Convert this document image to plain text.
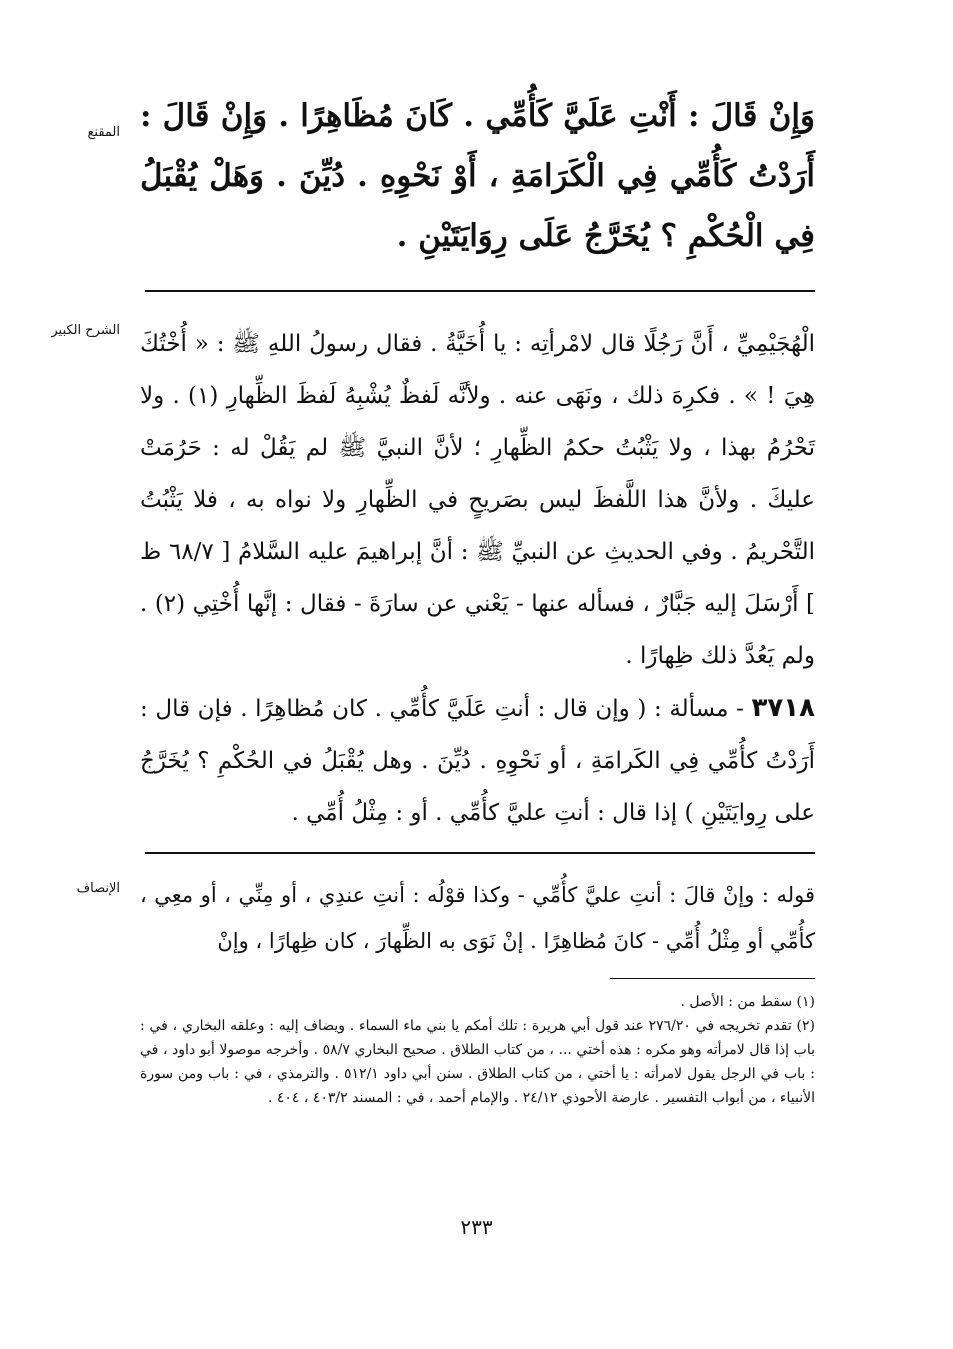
المقنع وَإِنْ قَالَ : أَنْتِ عَلَيَّ كَأُمِّي . كَانَ مُظَاهِرًا . وَإِنْ قَالَ : أَرَدْتُ كَأُمِّي فِي الْكَرَامَةِ ، أَوْ نَحْوِهِ . دُيِّنَ . وَهَلْ يُقْبَلُ فِي الْحُكْمِ ؟ يُخَرَّجُ عَلَى رِوَايَتَيْنِ .
الشرح الكبير
الْهُجَيْمِيِّ ، أَنَّ رَجُلًا قال لامْرأتِه : يا أُخَيَّةُ . فقال رسولُ اللهِ ﷺ : « أُخْتُكَ هِيَ ! » . فكرِهَ ذلك ، ونَهَى عنه . ولأنَّه لَفظٌ يُشْبِهُ لَفظَ الظِّهارِ (١) . ولا تَحْرُمُ بهذا ، ولا يَثْبُتُ حكمُ الظِّهارِ ؛ لأنَّ النبيَّ ﷺ لم يَقُلْ له : حَرُمَتْ عليكَ . ولأنَّ هذا اللَّفظَ ليس بصَريحٍ في الظِّهارِ ولا نواه به ، فلا يَثْبُتُ التَّحْريمُ . وفي الحديثِ عن النبيِّ ﷺ : أنَّ إبراهيمَ عليه السَّلامُ [ ٦٨/٧ ظ ] أَرْسَلَ إليه جَبَّارٌ ، فسأله عنها - يَعْني عن سارَةَ - فقال : إنَّها أُخْتِي (٢) . ولم يَعُدَّ ذلك ظِهارًا .
٣٧١٨ - مسألة : ( وإن قال : أنتِ عَلَيَّ كأُمِّي . كان مُظاهِرًا . فإن قال : أَرَدْتُ كأُمِّي فِي الكَرامَةِ ، أو نَحْوِهِ . دُيِّنَ . وهل يُقْبَلُ في الحُكْمِ ؟ يُخَرَّجُ على رِوايَتَيْنِ ) إذا قال : أنتِ عليَّ كأُمِّي . أو : مِثْلُ أُمِّي .
الإنصاف قوله : وإنْ قالَ : أنتِ عليَّ كأُمِّي - وكذا قوْلُه : أنتِ عندِي ، أو مِنِّي ، أو معِي ، كأُمِّي أو مِثْلُ أُمِّي - كانَ مُظاهِرًا . إنْ نَوَى به الظِّهارَ ، كان ظِهارًا ، وإنْ

(١) سقط من : الأصل .

(٢) تقدم تخريجه في ٢٧٦/٢٠ عند قول أبي هريرة : تلك أمكم يا بني ماء السماء . ويضاف إليه : وعلقه البخاري ، في : باب إذا قال لامرأته وهو مكره : هذه أختي ... ، من كتاب الطلاق . صحيح البخاري ٥٨/٧ . وأخرجه موصولا أبو داود ، في : باب في الرجل يقول لامرأته : يا أختي ، من كتاب الطلاق . سنن أبي داود ٥١٢/١ . والترمذي ، في : باب ومن سورة الأنبياء ، من أبواب التفسير . عارضة الأحوذي ٢٤/١٢ . والإمام أحمد ، في : المسند ٤٠٣/٢ ، ٤٠٤ .

٢٣٣
